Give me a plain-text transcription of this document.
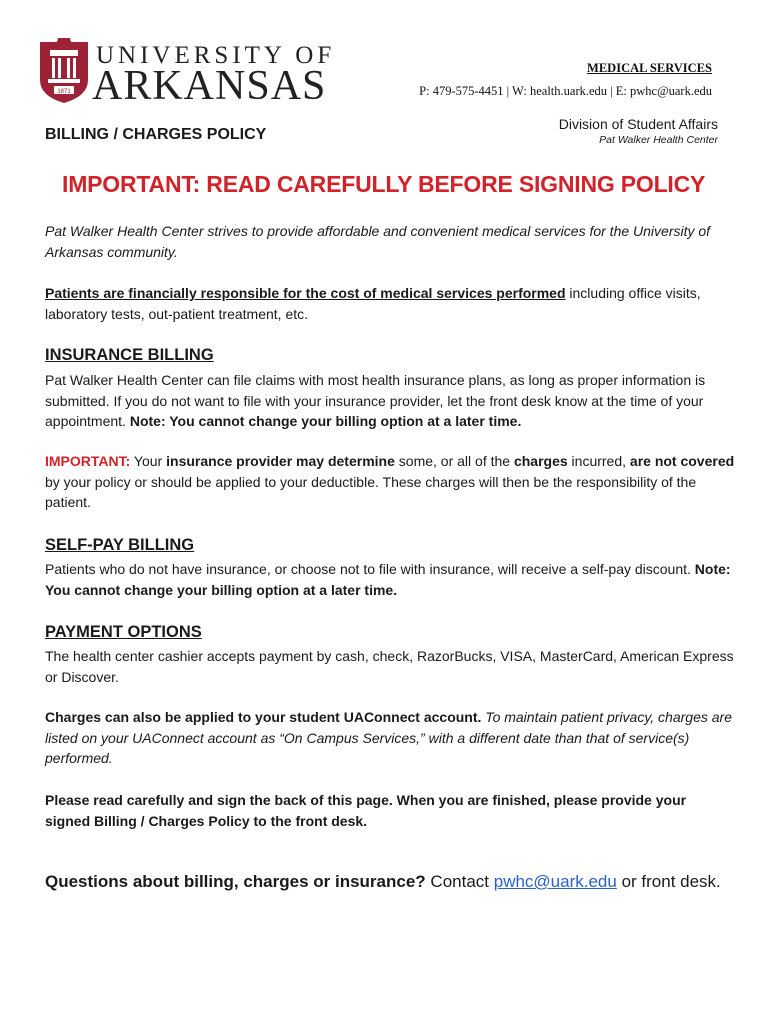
1871
UNIVERSITY OF
ARKANSAS	MEDICAL SERVICES
P: 479-575-4451 | W: health.uark.edu | E: pwhc@uark.edu
BILLING / CHARGES POLICY
Division of Student Affairs
Pat Walker Health Center
IMPORTANT: READ CAREFULLY BEFORE SIGNING POLICY
Pat Walker Health Center strives to provide affordable and convenient medical services for the University of Arkansas community.
Patients are financially responsible for the cost of medical services performed including office visits, laboratory tests, out-patient treatment, etc.
INSURANCE BILLING
Pat Walker Health Center can file claims with most health insurance plans, as long as proper information is submitted. If you do not want to file with your insurance provider, let the front desk know at the time of your appointment. Note: You cannot change your billing option at a later time.
IMPORTANT: Your insurance provider may determine some, or all of the charges incurred, are not covered by your policy or should be applied to your deductible. These charges will then be the responsibility of the patient.
SELF-PAY BILLING
Patients who do not have insurance, or choose not to file with insurance, will receive a self-pay discount. Note: You cannot change your billing option at a later time.
PAYMENT OPTIONS
The health center cashier accepts payment by cash, check, RazorBucks, VISA, MasterCard, American Express or Discover.
Charges can also be applied to your student UAConnect account. To maintain patient privacy, charges are listed on your UAConnect account as “On Campus Services,” with a different date than that of service(s) performed.
Please read carefully and sign the back of this page. When you are finished, please provide your signed Billing / Charges Policy to the front desk.
Questions about billing, charges or insurance? Contact pwhc@uark.edu or front desk.
